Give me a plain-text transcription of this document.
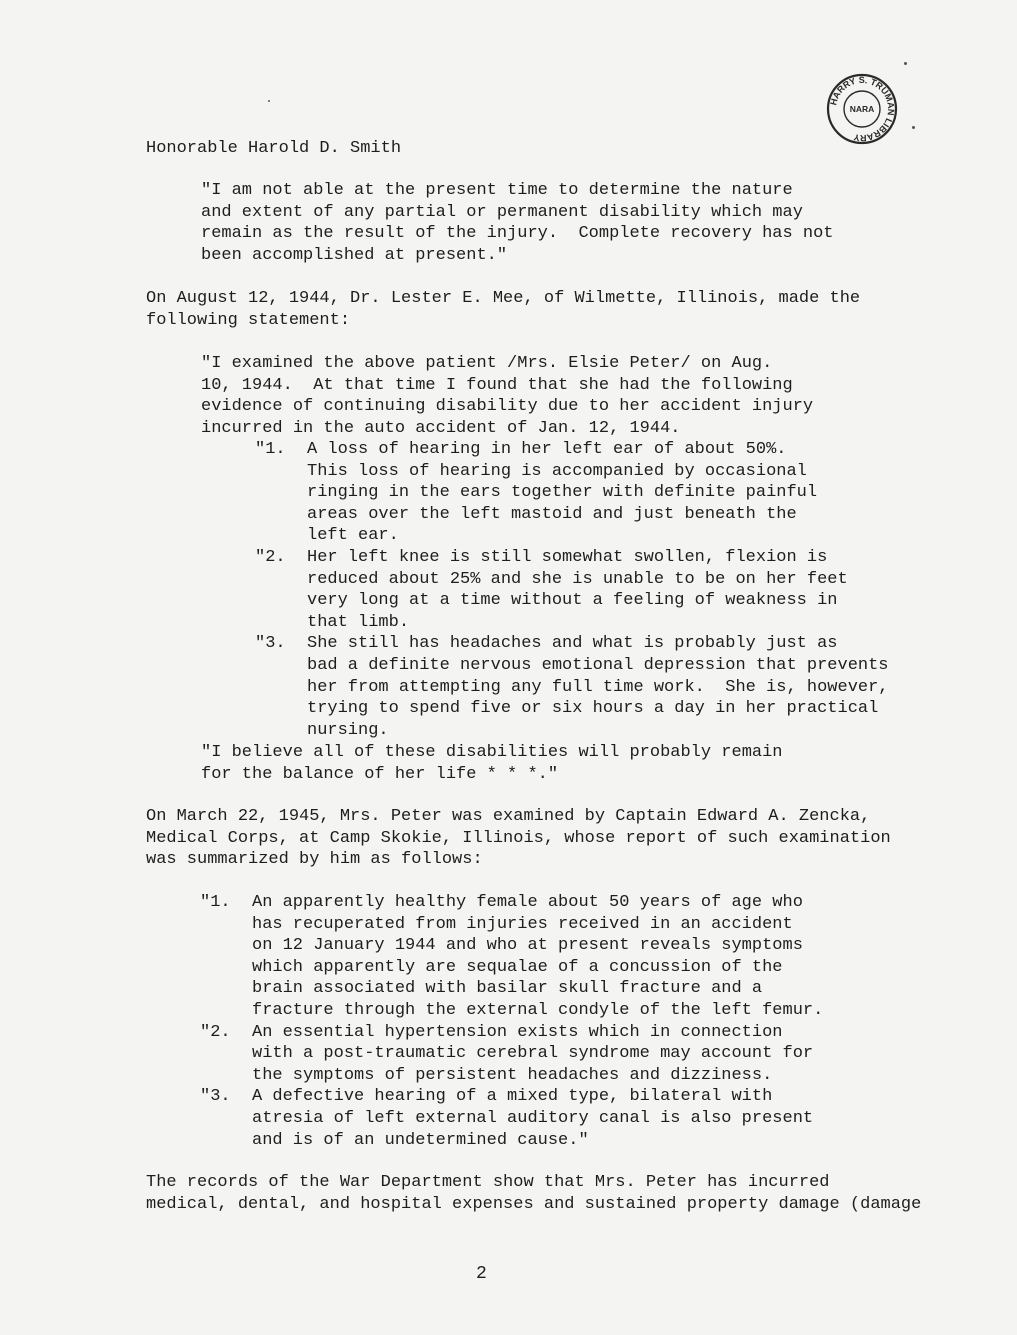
HARRY S. TRUMAN LIBRARY
NARA
Honorable Harold D. Smith
"I am not able at the present time to determine the nature
and extent of any partial or permanent disability which may
remain as the result of the injury.  Complete recovery has not
been accomplished at present."
On August 12, 1944, Dr. Lester E. Mee, of Wilmette, Illinois, made the
following statement:
"I examined the above patient /Mrs. Elsie Peter/ on Aug.
10, 1944.  At that time I found that she had the following
evidence of continuing disability due to her accident injury
incurred in the auto accident of Jan. 12, 1944.
"1. A loss of hearing in her left ear of about 50%.
This loss of hearing is accompanied by occasional
ringing in the ears together with definite painful
areas over the left mastoid and just beneath the
left ear.
"2. Her left knee is still somewhat swollen, flexion is
reduced about 25% and she is unable to be on her feet
very long at a time without a feeling of weakness in
that limb.
"3. She still has headaches and what is probably just as
bad a definite nervous emotional depression that prevents
her from attempting any full time work.  She is, however,
trying to spend five or six hours a day in her practical
nursing.
"I believe all of these disabilities will probably remain
for the balance of her life * * *."
On March 22, 1945, Mrs. Peter was examined by Captain Edward A. Zencka,
Medical Corps, at Camp Skokie, Illinois, whose report of such examination
was summarized by him as follows:
"1. An apparently healthy female about 50 years of age who
has recuperated from injuries received in an accident
on 12 January 1944 and who at present reveals symptoms
which apparently are sequalae of a concussion of the
brain associated with basilar skull fracture and a
fracture through the external condyle of the left femur.
"2. An essential hypertension exists which in connection
with a post-traumatic cerebral syndrome may account for
the symptoms of persistent headaches and dizziness.
"3. A defective hearing of a mixed type, bilateral with
atresia of left external auditory canal is also present
and is of an undetermined cause."
The records of the War Department show that Mrs. Peter has incurred
medical, dental, and hospital expenses and sustained property damage (damage
2
